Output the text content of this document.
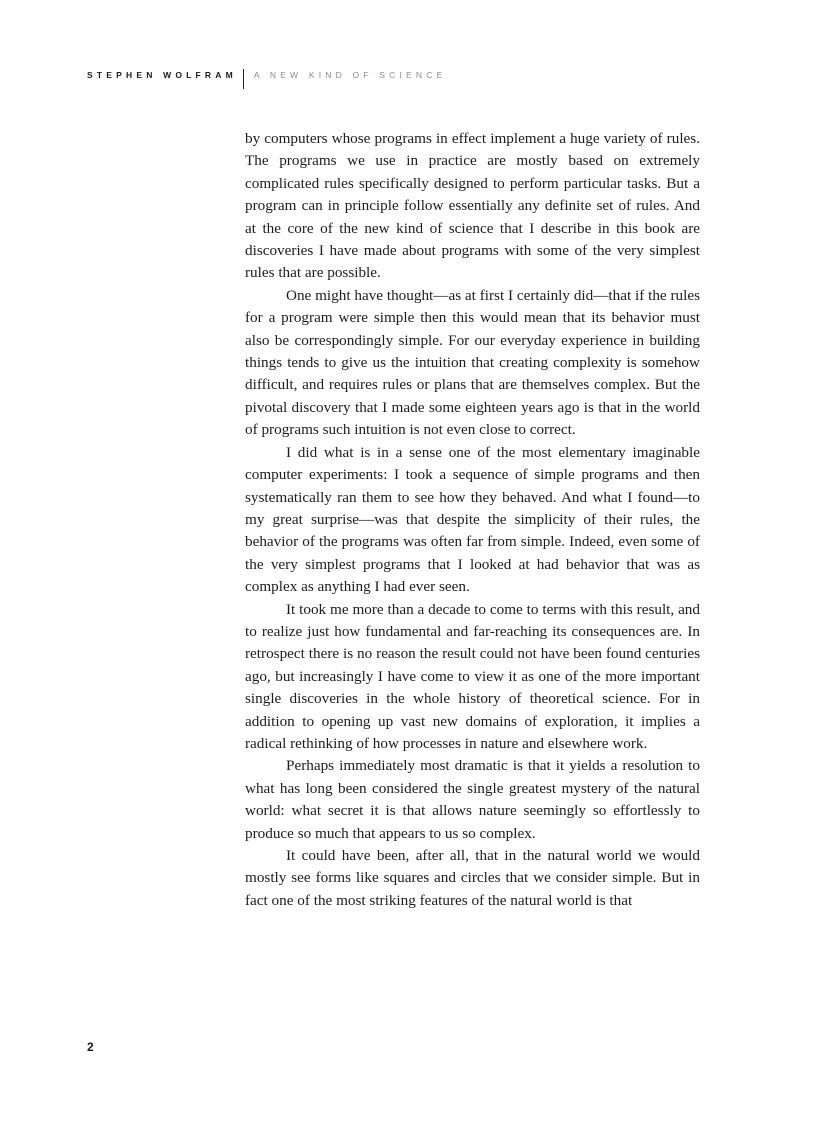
STEPHEN WOLFRAM A NEW KIND OF SCIENCE

by computers whose programs in effect implement a huge variety of rules. The programs we use in practice are mostly based on extremely complicated rules specifically designed to perform particular tasks. But a program can in principle follow essentially any definite set of rules. And at the core of the new kind of science that I describe in this book are discoveries I have made about programs with some of the very simplest rules that are possible.

One might have thought—as at first I certainly did—that if the rules for a program were simple then this would mean that its behavior must also be correspondingly simple. For our everyday experience in building things tends to give us the intuition that creating complexity is somehow difficult, and requires rules or plans that are themselves complex. But the pivotal discovery that I made some eighteen years ago is that in the world of programs such intuition is not even close to correct.

I did what is in a sense one of the most elementary imaginable computer experiments: I took a sequence of simple programs and then systematically ran them to see how they behaved. And what I found—to my great surprise—was that despite the simplicity of their rules, the behavior of the programs was often far from simple. Indeed, even some of the very simplest programs that I looked at had behavior that was as complex as anything I had ever seen.

It took me more than a decade to come to terms with this result, and to realize just how fundamental and far-reaching its consequences are. In retrospect there is no reason the result could not have been found centuries ago, but increasingly I have come to view it as one of the more important single discoveries in the whole history of theoretical science. For in addition to opening up vast new domains of exploration, it implies a radical rethinking of how processes in nature and elsewhere work.

Perhaps immediately most dramatic is that it yields a resolution to what has long been considered the single greatest mystery of the natural world: what secret it is that allows nature seemingly so effortlessly to produce so much that appears to us so complex.

It could have been, after all, that in the natural world we would mostly see forms like squares and circles that we consider simple. But in fact one of the most striking features of the natural world is that

2
